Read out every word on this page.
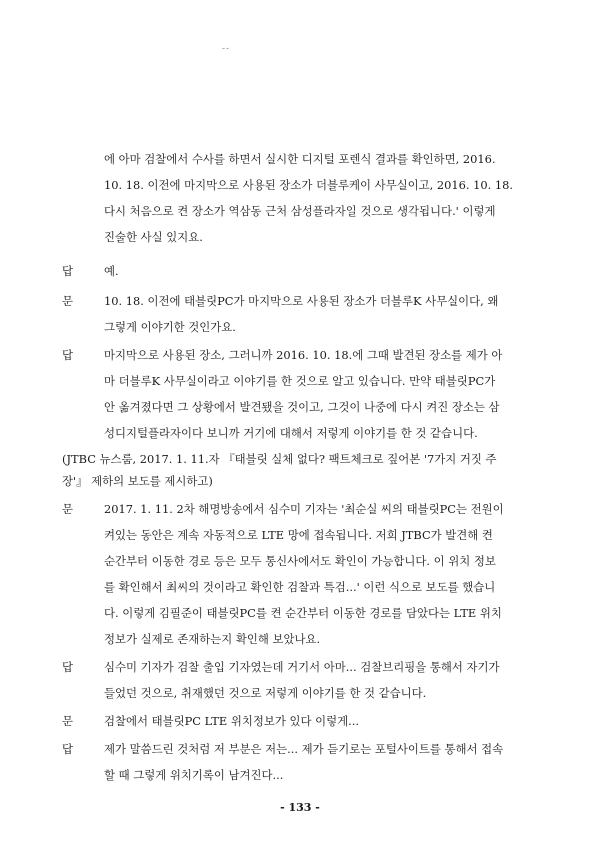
--
에 아마 검찰에서 수사를 하면서 실시한 디지털 포렌식 결과를 확인하면, 2016.
10. 18. 이전에 마지막으로 사용된 장소가 더블루케이 사무실이고, 2016. 10. 18.
다시 처음으로 켠 장소가 역삼동 근처 삼성플라자일 것으로 생각됩니다.' 이렇게
진술한 사실 있지요.
답	예.
문	10. 18. 이전에 태블릿PC가 마지막으로 사용된 장소가 더블루K 사무실이다, 왜
그렇게 이야기한 것인가요.
답	마지막으로 사용된 장소, 그러니까 2016. 10. 18.에 그때 발견된 장소를 제가 아
마 더블루K 사무실이라고 이야기를 한 것으로 알고 있습니다. 만약 태블릿PC가
안 옮겨졌다면 그 상황에서 발견됐을 것이고, 그것이 나중에 다시 켜진 장소는 삼
성디지털플라자이다 보니까 거기에 대해서 저렇게 이야기를 한 것 같습니다.
(JTBC 뉴스룸, 2017. 1. 11.자 『태블릿 실체 없다? 팩트체크로 짚어본 '7가지 거짓 주
장'』 제하의 보도를 제시하고)
문	2017. 1. 11. 2차 해명방송에서 심수미 기자는 '최순실 씨의 태블릿PC는 전원이
켜있는 동안은 계속 자동적으로 LTE 망에 접속됩니다. 저희 JTBC가 발견해 켠
순간부터 이동한 경로 등은 모두 통신사에서도 확인이 가능합니다. 이 위치 정보
를 확인해서 최씨의 것이라고 확인한 검찰과 특검...' 이런 식으로 보도를 했습니
다. 이렇게 김필준이 태블릿PC를 켠 순간부터 이동한 경로를 담았다는 LTE 위치
정보가 실제로 존재하는지 확인해 보았나요.
답	심수미 기자가 검찰 출입 기자였는데 거기서 아마... 검찰브리핑을 통해서 자기가
들었던 것으로, 취재했던 것으로 저렇게 이야기를 한 것 같습니다.
문	검찰에서 태블릿PC LTE 위치정보가 있다 이렇게...
답	제가 말씀드린 것처럼 저 부분은 저는... 제가 듣기로는 포털사이트를 통해서 접속
할 때 그렇게 위치기록이 남겨진다...
- 133 -
